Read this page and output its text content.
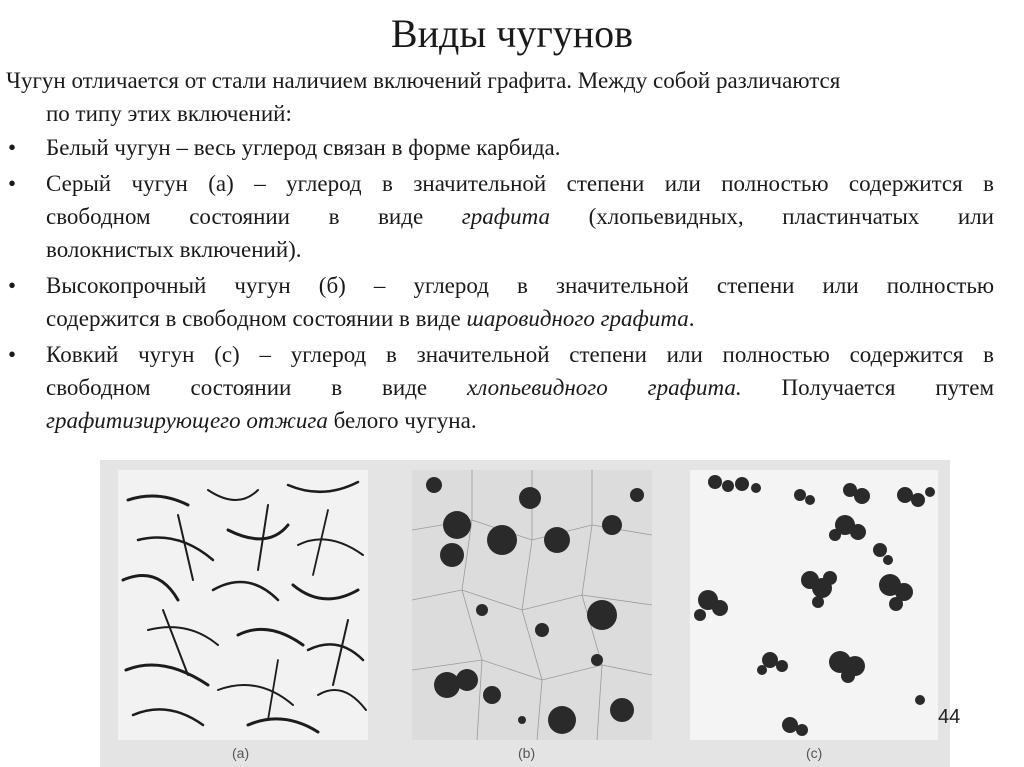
Виды чугунов
Чугун отличается от стали наличием включений графита. Между собой различаются
по типу этих включений:
• Белый чугун – весь углерод связан в форме карбида.
• Серый чугун (а) – углерод в значительной степени или полностью содержится в
свободном состоянии в виде графита (хлопьевидных, пластинчатых или
волокнистых включений).
• Высокопрочный чугун (б) – углерод в значительной степени или полностью
содержится в свободном состоянии в виде шаровидного графита.
• Ковкий чугун (с) – углерод в значительной степени или полностью содержится в
свободном состоянии в виде хлопьевидного графита. Получается путем
графитизирующего отжига белого чугуна.
(a)	(b)	(c)
44
